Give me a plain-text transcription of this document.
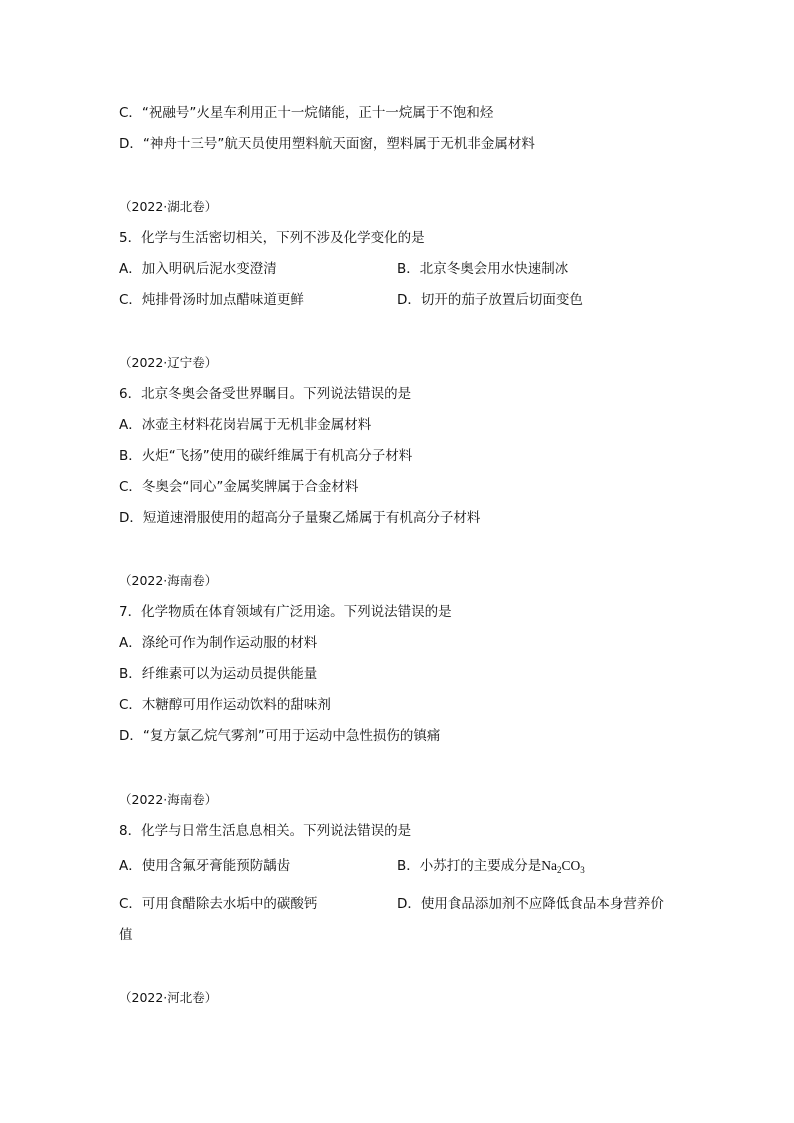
C．“祝融号”火星车利用正十一烷储能，正十一烷属于不饱和烃
D．“神舟十三号”航天员使用塑料航天面窗，塑料属于无机非金属材料
（2022·湖北卷）
5．化学与生活密切相关，下列不涉及化学变化的是
A．加入明矾后泥水变澄清	B．北京冬奥会用水快速制冰
C．炖排骨汤时加点醋味道更鲜	D．切开的茄子放置后切面变色
（2022·辽宁卷）
6．北京冬奥会备受世界瞩目。下列说法错误的是
A．冰壶主材料花岗岩属于无机非金属材料
B．火炬“飞扬”使用的碳纤维属于有机高分子材料
C．冬奥会“同心”金属奖牌属于合金材料
D．短道速滑服使用的超高分子量聚乙烯属于有机高分子材料
（2022·海南卷）
7．化学物质在体育领域有广泛用途。下列说法错误的是
A．涤纶可作为制作运动服的材料
B．纤维素可以为运动员提供能量
C．木糖醇可用作运动饮料的甜味剂
D．“复方氯乙烷气雾剂”可用于运动中急性损伤的镇痛
（2022·海南卷）
8．化学与日常生活息息相关。下列说法错误的是
A．使用含氟牙膏能预防龋齿	B．小苏打的主要成分是$Na_2CO_3$
C．可用食醋除去水垢中的碳酸钙	D．使用食品添加剂不应降低食品本身营养价
值
（2022·河北卷）
